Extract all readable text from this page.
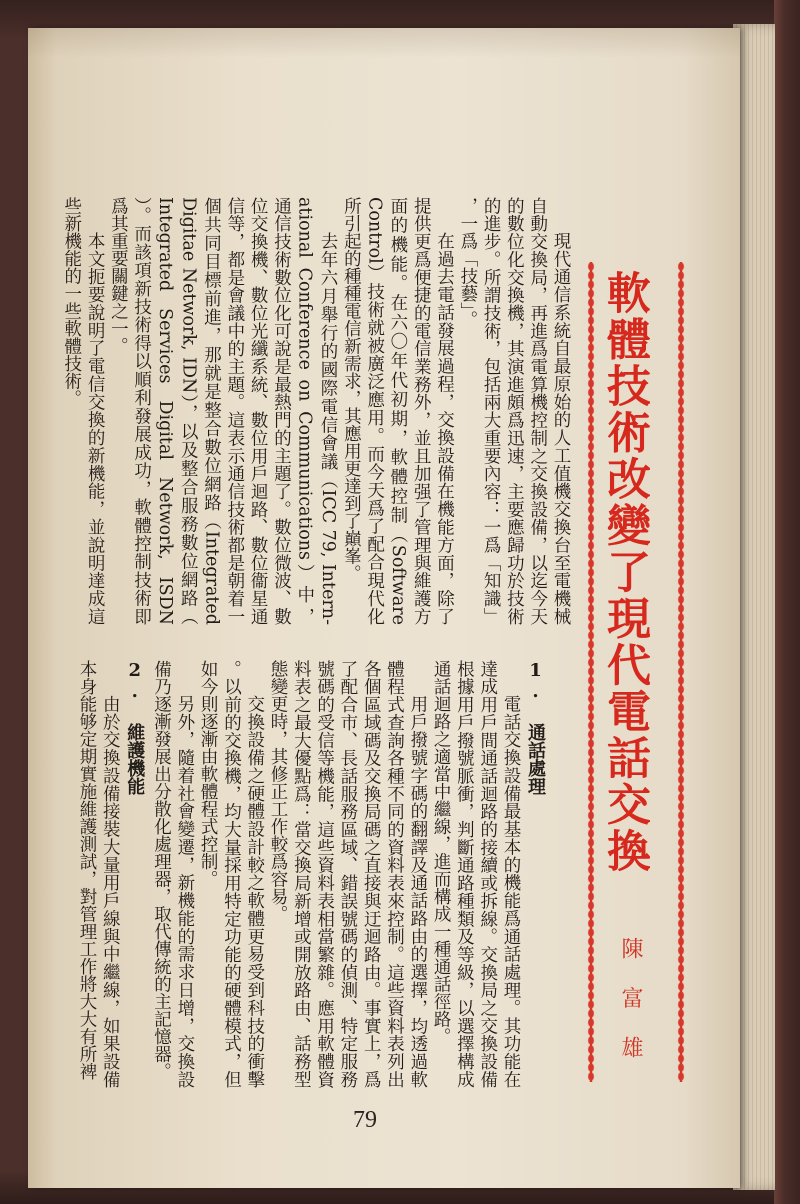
現代通信系統自最原始的人工值機交換台至電機械
自動交換局，再進爲電算機控制之交換設備，以迄今天
的數位化交換機，其演進頗爲迅速，主要應歸功於技術
的進步。所謂技術，包括兩大重要內容：一爲「知識」
，一爲「技藝」。
在過去電話發展過程，交換設備在機能方面，除了
提供更爲便捷的電信業務外，並且加强了管理與維護方
面的機能。在六〇年代初期，軟體控制（Software
Control）技術就被廣泛應用。而今天爲了配合現代化
所引起的種種電信新需求，其應用更達到了巔峯。
去年六月舉行的國際電信會議（ICC 79, Intern-
ational Conference on Communications）中，
通信技術數位化可說是最熱門的主題了。數位微波、數
位交換機、數位光纖系統、數位用戶迴路、數位衞星通
信等，都是會議中的主題。這表示通信技術都是朝着一
個共同目標前進，那就是整合數位網路（Integrated
Digitae Network, IDN），以及整合服務數位網路（
Integrated Services Digital Network, ISDN
）。而該項新技術得以順利發展成功，軟體控制技術即
爲其重要關鍵之一。
本文扼要說明了電信交換的新機能，並說明達成這
些新機能的一些軟體技術。
1. 通話處理
電話交換設備最基本的機能爲通話處理。其功能在
達成用戶間通話迴路的接續或拆線。交換局之交換設備
根據用戶撥號脈衝，判斷通路種類及等級，以選擇構成
通話迴路之適當中繼線，進而構成一種通話徑路。
用戶撥號字碼的翻譯及通話路由的選擇，均透過軟
體程式查詢各種不同的資料表來控制。這些資料表列出
各個區域碼及交換局碼之直接與迂迴路由。事實上，爲
了配合市、長話服務區域、錯誤號碼的偵測、特定服務
號碼的受信等機能，這些資料表相當繁雜。應用軟體資
料表之最大優點爲：當交換局新增或開放路由、話務型
態變更時，其修正工作較爲容易。
交換設備之硬體設計較之軟體更易受到科技的衝擊
。以前的交換機，均大量採用特定功能的硬體模式，但
如今則逐漸由軟體程式控制。
另外，隨着社會變遷，新機能的需求日增，交換設
備乃逐漸發展出分散化處理器，取代傳統的主記憶器。
2. 維護機能
由於交換設備接裝大量用戶線與中繼線，如果設備
本身能够定期實施維護測試，對管理工作將大大有所裨	軟體技術改變了現代電話交換
陳富雄
79
